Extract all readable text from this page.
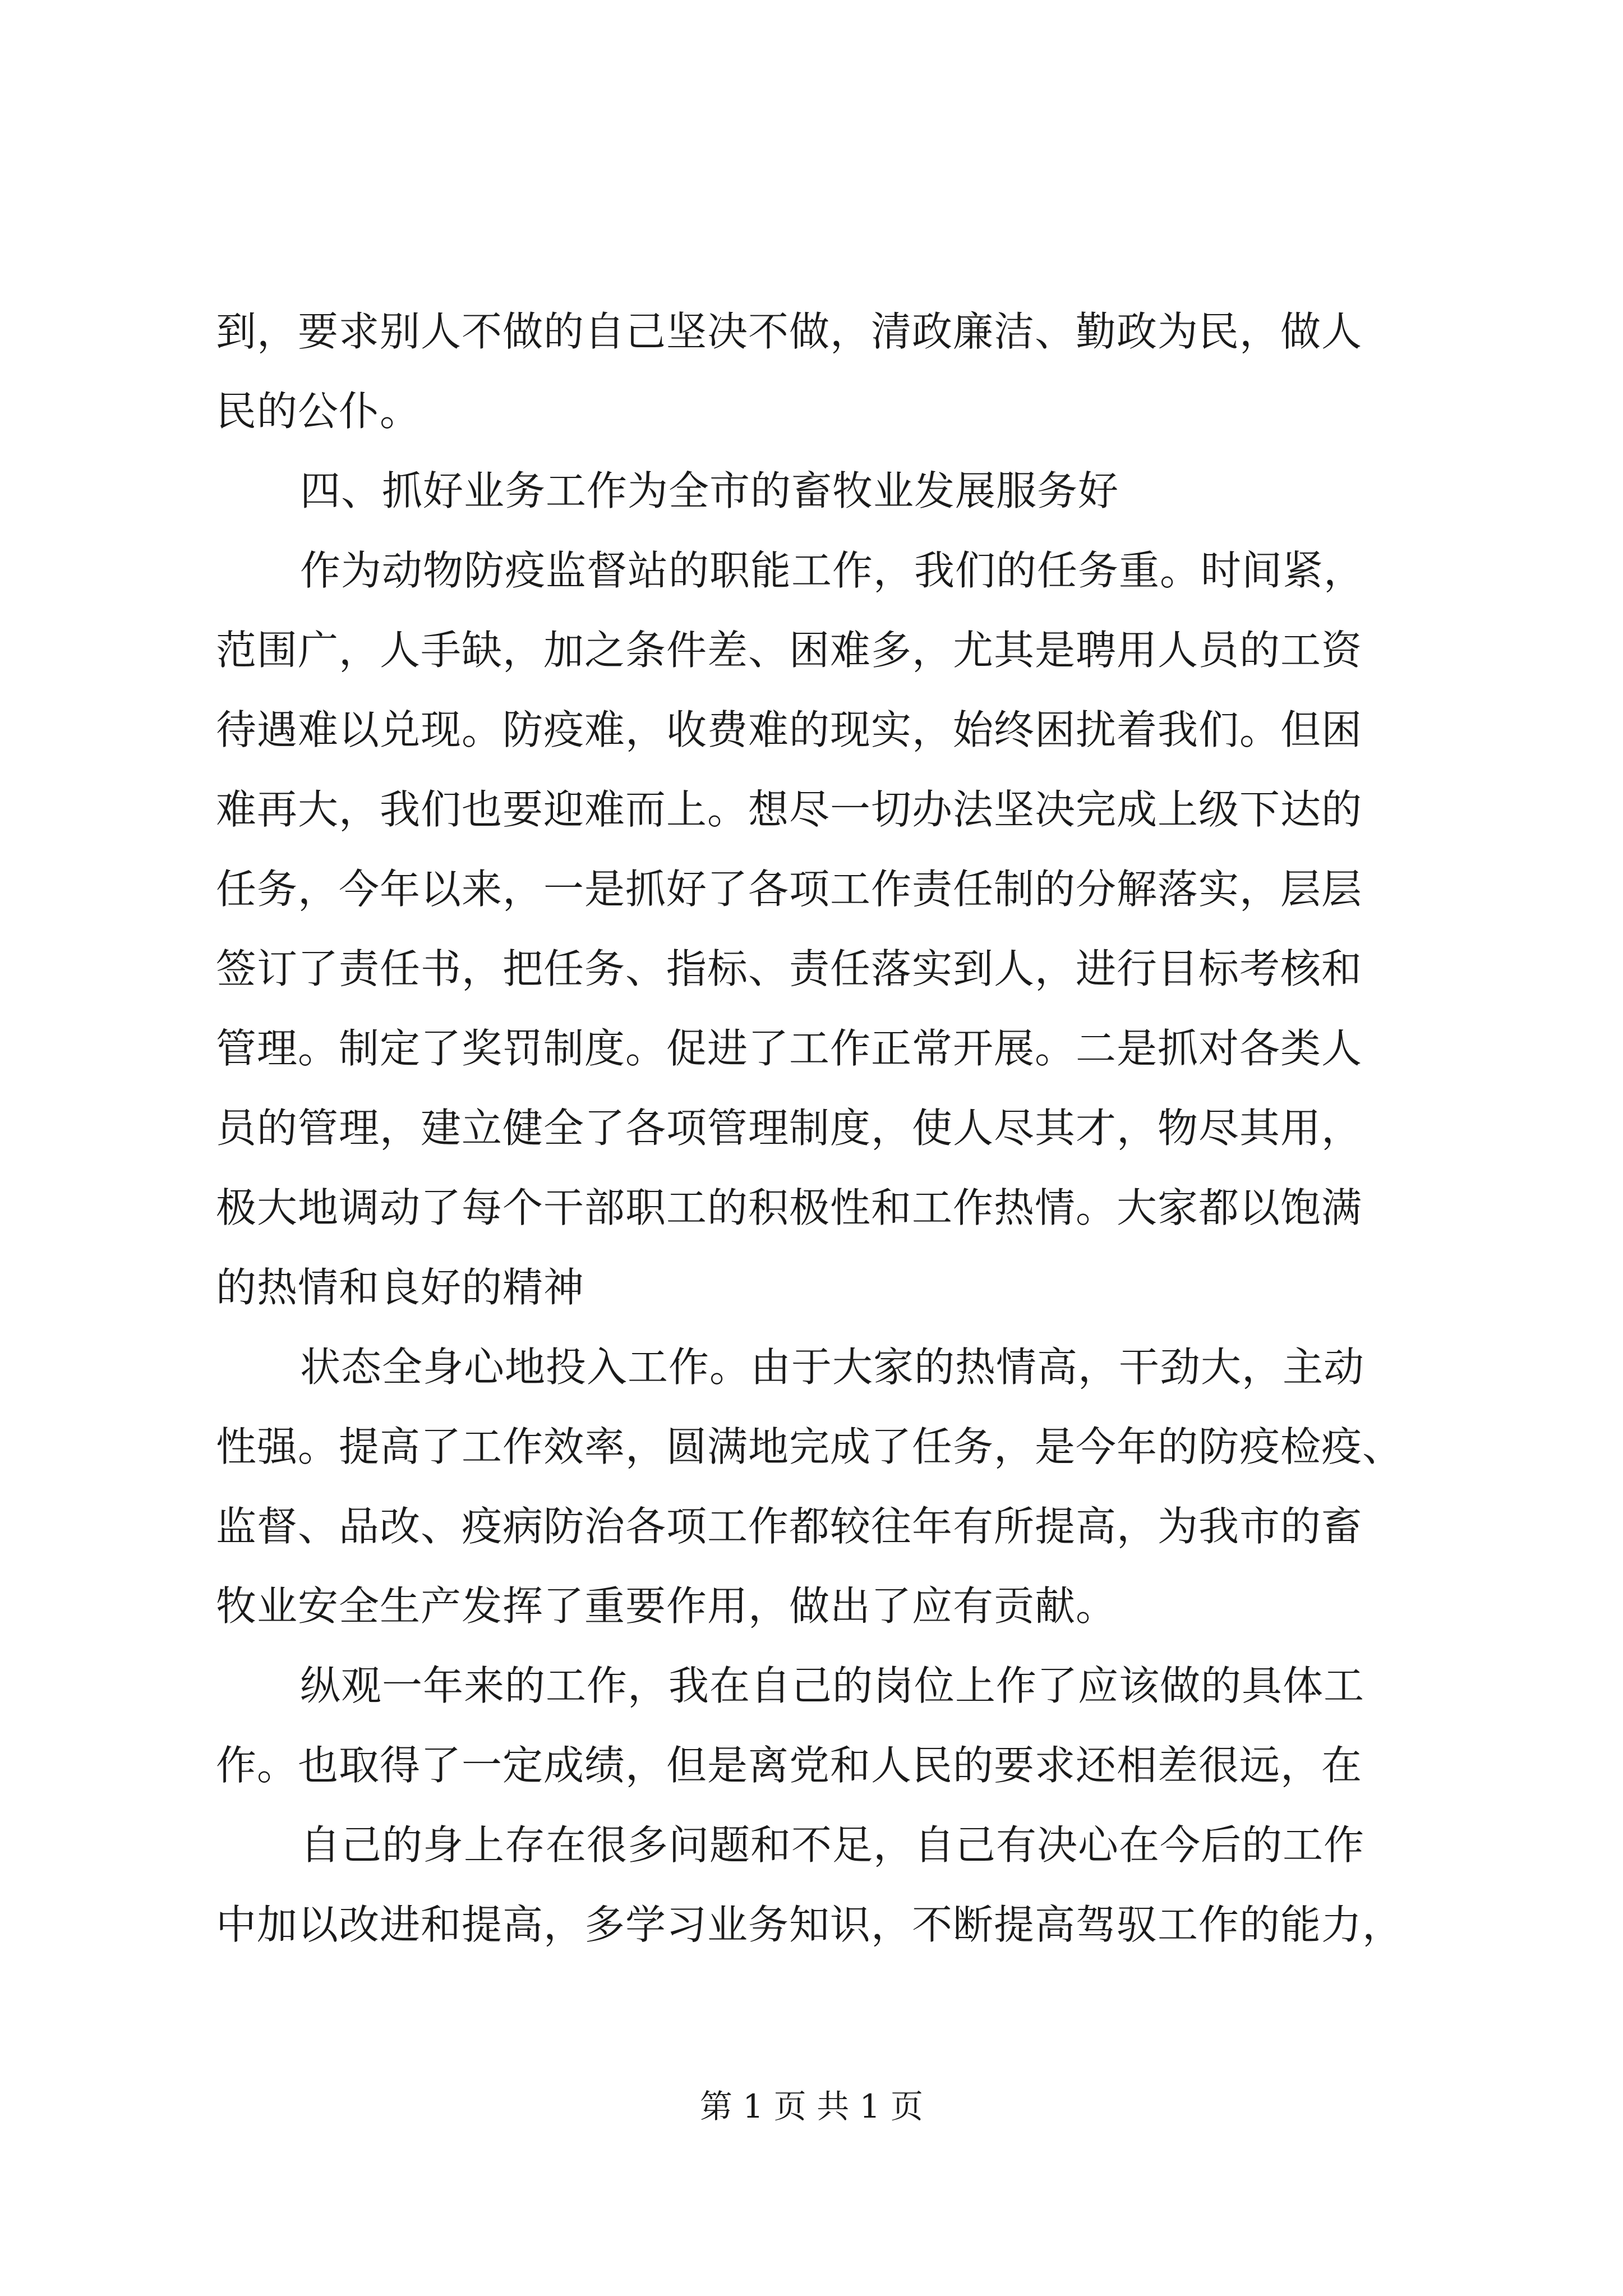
到，要求别人不做的自己坚决不做，清政廉洁、勤政为民，做人
民的公仆。
四、抓好业务工作为全市的畜牧业发展服务好
作为动物防疫监督站的职能工作，我们的任务重。时间紧，
范围广，人手缺，加之条件差、困难多，尤其是聘用人员的工资
待遇难以兑现。防疫难，收费难的现实，始终困扰着我们。但困
难再大，我们也要迎难而上。想尽一切办法坚决完成上级下达的
任务，今年以来，一是抓好了各项工作责任制的分解落实，层层
签订了责任书，把任务、指标、责任落实到人，进行目标考核和
管理。制定了奖罚制度。促进了工作正常开展。二是抓对各类人
员的管理，建立健全了各项管理制度，使人尽其才，物尽其用，
极大地调动了每个干部职工的积极性和工作热情。大家都以饱满
的热情和良好的精神
状态全身心地投入工作。由于大家的热情高，干劲大，主动
性强。提高了工作效率，圆满地完成了任务，是今年的防疫检疫、
监督、品改、疫病防治各项工作都较往年有所提高，为我市的畜
牧业安全生产发挥了重要作用，做出了应有贡献。
纵观一年来的工作，我在自己的岗位上作了应该做的具体工
作。也取得了一定成绩，但是离党和人民的要求还相差很远，在
自己的身上存在很多问题和不足，自己有决心在今后的工作
中加以改进和提高，多学习业务知识，不断提高驾驭工作的能力，
第 1 页 共 1 页
